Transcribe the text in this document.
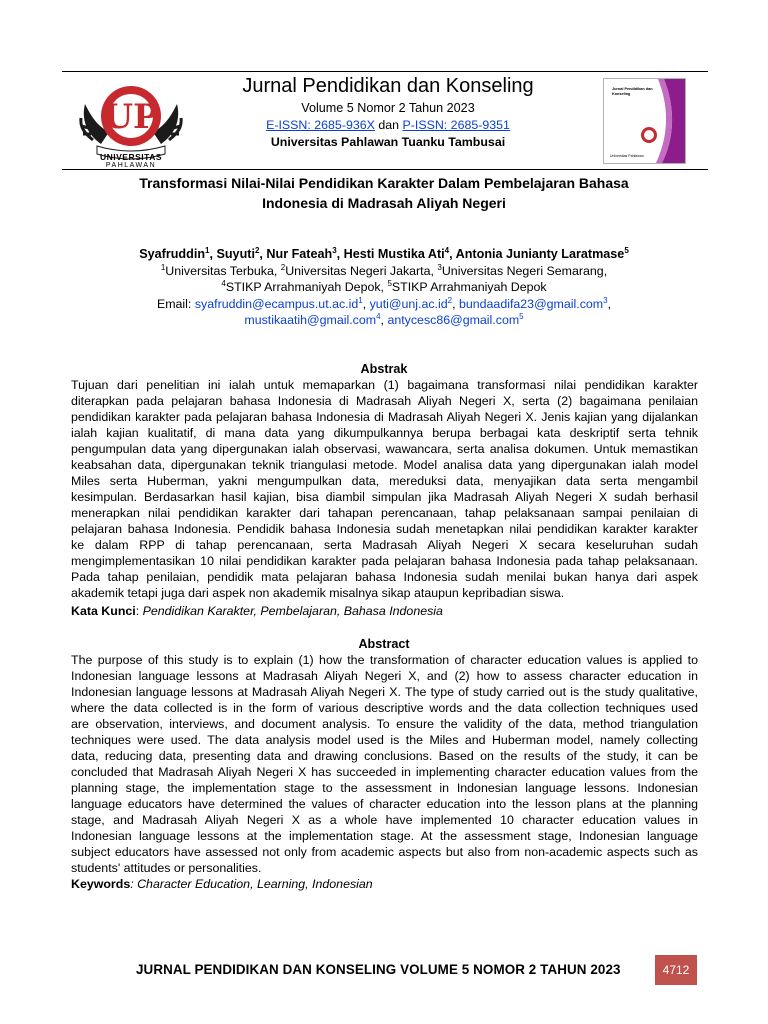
UP
UNIVERSITAS
PAHLAWAN
Jurnal Pendidikan dan Konseling
Volume 5 Nomor 2 Tahun 2023
E-ISSN: 2685-936X dan P-ISSN: 2685-9351
Universitas Pahlawan Tuanku Tambusai
Jurnal Pendidikan dan Konseling
Universitas Pahlawan
Transformasi Nilai-Nilai Pendidikan Karakter Dalam Pembelajaran Bahasa
Indonesia di Madrasah Aliyah Negeri
Syafruddin$^1$, Suyuti$^2$, Nur Fateah$^3$, Hesti Mustika Ati$^4$, Antonia Junianty Laratmase$^5$
$^1$Universitas Terbuka, $^2$Universitas Negeri Jakarta, $^3$Universitas Negeri Semarang,
$^4$STIKP Arrahmaniyah Depok, $^5$STIKP Arrahmaniyah Depok
Email: $syafruddin@ecampus.ut.ac.id^1$, $yuti@unj.ac.id^2$, bundaadifa23@gmail.com$^3$,
mustikaatih@gmail.com$^4$, antycesc86@gmail.com$^5$
Abstrak
Tujuan dari penelitian ini ialah untuk memaparkan (1) bagaimana transformasi nilai pendidikan karakter
diterapkan pada pelajaran bahasa Indonesia di Madrasah Aliyah Negeri X, serta (2) bagaimana penilaian
pendidikan karakter pada pelajaran bahasa Indonesia di Madrasah Aliyah Negeri X. Jenis kajian yang dijalankan
ialah kajian kualitatif, di mana data yang dikumpulkannya berupa berbagai kata deskriptif serta tehnik
pengumpulan data yang dipergunakan ialah observasi, wawancara, serta analisa dokumen. Untuk memastikan
keabsahan data, dipergunakan teknik triangulasi metode. Model analisa data yang dipergunakan ialah model
Miles serta Huberman, yakni mengumpulkan data, mereduksi data, menyajikan data serta mengambil
kesimpulan. Berdasarkan hasil kajian, bisa diambil simpulan jika Madrasah Aliyah Negeri X sudah berhasil
menerapkan nilai pendidikan karakter dari tahapan perencanaan, tahap pelaksanaan sampai penilaian di
pelajaran bahasa Indonesia. Pendidik bahasa Indonesia sudah menetapkan nilai pendidikan karakter karakter
ke dalam RPP di tahap perencanaan, serta Madrasah Aliyah Negeri X secara keseluruhan sudah
mengimplementasikan 10 nilai pendidikan karakter pada pelajaran bahasa Indonesia pada tahap pelaksanaan.
Pada tahap penilaian, pendidik mata pelajaran bahasa Indonesia sudah menilai bukan hanya dari aspek
akademik tetapi juga dari aspek non akademik misalnya sikap ataupun kepribadian siswa.
Kata Kunci: Pendidikan Karakter, Pembelajaran, Bahasa Indonesia
Abstract
The purpose of this study is to explain (1) how the transformation of character education values is applied to
Indonesian language lessons at Madrasah Aliyah Negeri X, and (2) how to assess character education in
Indonesian language lessons at Madrasah Aliyah Negeri X. The type of study carried out is the study qualitative,
where the data collected is in the form of various descriptive words and the data collection techniques used
are observation, interviews, and document analysis. To ensure the validity of the data, method triangulation
techniques were used. The data analysis model used is the Miles and Huberman model, namely collecting
data, reducing data, presenting data and drawing conclusions. Based on the results of the study, it can be
concluded that Madrasah Aliyah Negeri X has succeeded in implementing character education values from the
planning stage, the implementation stage to the assessment in Indonesian language lessons. Indonesian
language educators have determined the values of character education into the lesson plans at the planning
stage, and Madrasah Aliyah Negeri X as a whole have implemented 10 character education values in
Indonesian language lessons at the implementation stage. At the assessment stage, Indonesian language
subject educators have assessed not only from academic aspects but also from non-academic aspects such as
students' attitudes or personalities.
Keywords: Character Education, Learning, Indonesian
JURNAL PENDIDIKAN DAN KONSELING VOLUME 5 NOMOR 2 TAHUN 2023	4712
